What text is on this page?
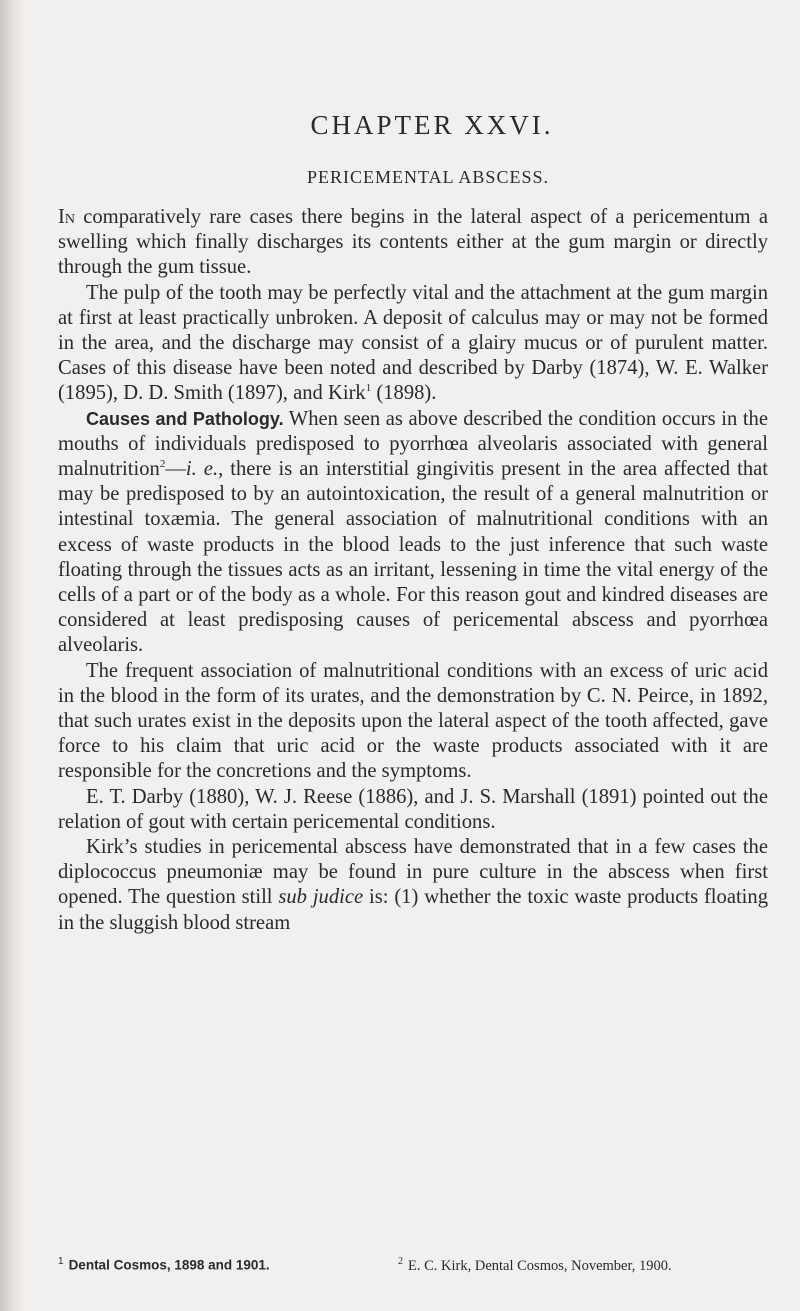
CHAPTER XXVI.
PERICEMENTAL ABSCESS.

In comparatively rare cases there begins in the lateral aspect of a pericementum a swelling which finally discharges its contents either at the gum margin or directly through the gum tissue.

The pulp of the tooth may be perfectly vital and the attachment at the gum margin at first at least practically unbroken. A deposit of calculus may or may not be formed in the area, and the discharge may consist of a glairy mucus or of purulent matter. Cases of this disease have been noted and described by Darby (1874), W. E. Walker (1895), D. D. Smith (1897), and Kirk$^1$ (1898).

Causes and Pathology. When seen as above described the condition occurs in the mouths of individuals predisposed to pyorrhœa alveolaris associated with general malnutrition$^2$—i. e., there is an interstitial gingivitis present in the area affected that may be predisposed to by an autointoxication, the result of a general malnutrition or intestinal toxæmia. The general association of malnutritional conditions with an excess of waste products in the blood leads to the just inference that such waste floating through the tissues acts as an irritant, lessening in time the vital energy of the cells of a part or of the body as a whole. For this reason gout and kindred diseases are considered at least predisposing causes of pericemental abscess and pyorrhœa alveolaris.

The frequent association of malnutritional conditions with an excess of uric acid in the blood in the form of its urates, and the demonstration by C. N. Peirce, in 1892, that such urates exist in the deposits upon the lateral aspect of the tooth affected, gave force to his claim that uric acid or the waste products associated with it are responsible for the concretions and the symptoms.

E. T. Darby (1880), W. J. Reese (1886), and J. S. Marshall (1891) pointed out the relation of gout with certain pericemental conditions.

Kirk’s studies in pericemental abscess have demonstrated that in a few cases the diplococcus pneumoniæ may be found in pure culture in the abscess when first opened. The question still sub judice is: (1) whether the toxic waste products floating in the sluggish blood stream

$^1$ Dental Cosmos, 1898 and 1901.	$^2$ E. C. Kirk, Dental Cosmos, November, 1900.
